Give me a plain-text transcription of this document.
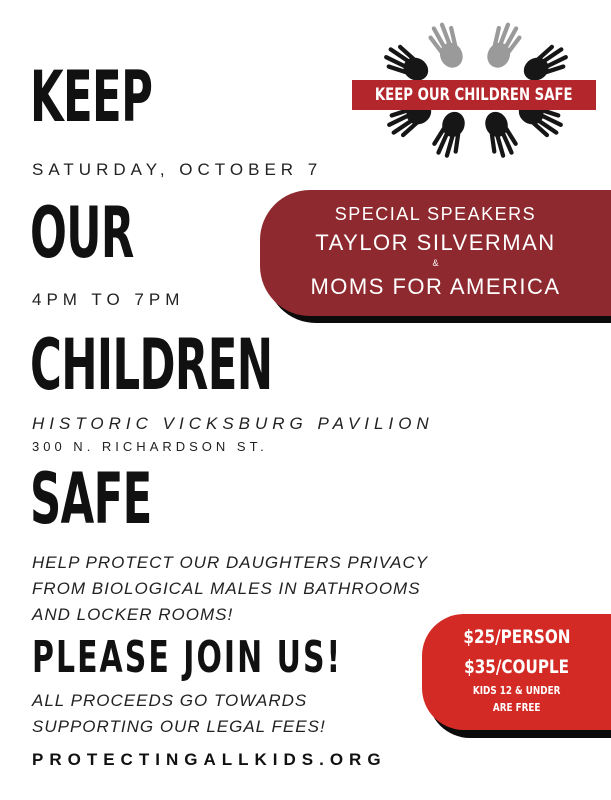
KEEP OUR CHILDREN SAFE
KEEP
OUR
CHILDREN
SAFE
SATURDAY, OCTOBER 7
4PM TO 7PM
HISTORIC VICKSBURG PAVILION
300 N. RICHARDSON ST.
SPECIAL SPEAKERS
TAYLOR SILVERMAN
&
MOMS FOR AMERICA
HELP PROTECT OUR DAUGHTERS PRIVACY
FROM BIOLOGICAL MALES IN BATHROOMS
AND LOCKER ROOMS!
PLEASE JOIN US!
ALL PROCEEDS GO TOWARDS
SUPPORTING OUR LEGAL FEES!
$25/PERSON
$35/COUPLE
KIDS 12 & UNDER
ARE FREE
PROTECTINGALLKIDS.ORG
